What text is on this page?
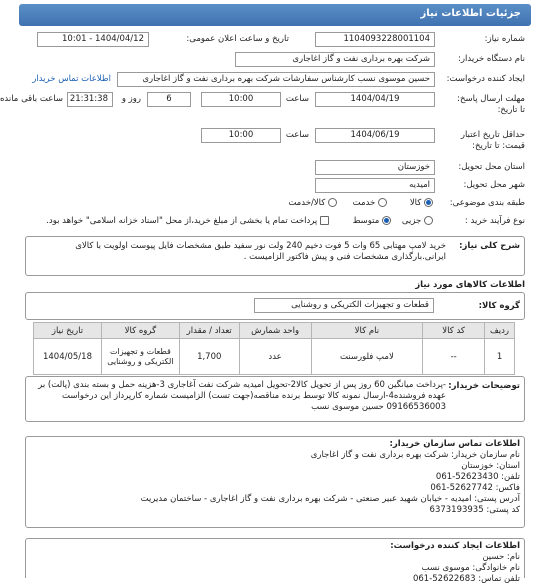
جزئیات اطلاعات نیاز
شماره نیاز:
1104093228001104
تاریخ و ساعت اعلان عمومی:
1404/04/12 - 10:01
نام دستگاه خریدار:
شرکت بهره برداری نفت و گاز اغاجاری
ایجاد کننده درخواست:
حسین موسوی نسب کارشناس سفارشات شرکت بهره برداری نفت و گاز اغاجاری
اطلاعات تماس خریدار
مهلت ارسال پاسخ:
تا تاریخ:
1404/04/19
ساعت
10:00
6
روز و
21:31:38
ساعت باقی مانده
حداقل تاریخ اعتبار
قیمت: تا تاریخ:
1404/06/19
ساعت
10:00
استان محل تحویل:
خوزستان
شهر محل تحویل:
امیدیه
طبقه بندی موضوعی:
کالا
خدمت
کالا/خدمت
نوع فرآیند خرید :
جزیی
متوسط
پرداخت تمام یا بخشی از مبلغ خرید،از محل "اسناد خزانه اسلامی" خواهد بود.
شرح کلی نیاز:
خرید لامپ مهتابی 65 وات 5 فوت دخیم 240 ولت نور سفید طبق مشخصات فایل پیوست اولویت با کالای ایرانی.بارگذاری مشخصات فنی و پیش فاکتور الزامیست .
اطلاعات کالاهای مورد نیاز
گروه کالا:
قطعات و تجهیزات الکتریکی و روشنایی
ردیف	کد کالا	نام کالا	واحد شمارش	تعداد / مقدار	گروه کالا	تاریخ نیاز
1	--	لامپ فلورسنت	عدد	1,700	قطعات و تجهیزات الکتریکی و روشنایی	1404/05/18
توضیحات خریدار:
-پرداخت میانگین 60 روز پس از تحویل کالا2-تحویل امیدیه شرکت نفت آغاجاری 3-هزینه حمل و بسته بندی (پالت) بر عهده فروشنده4-ارسال نمونه کالا توسط برنده مناقصه(جهت تست) الزامیست شماره کارپرداز این درخواست 09166536003 حسین موسوی نسب
اطلاعات تماس سازمان خریدار:
نام سازمان خریدار: شرکت بهره برداری نفت و گاز اغاجاری
استان: خوزستان
تلفن: 52623430-061
فاکس: 52627742-061
آدرس پستی: امیدیه - خیابان شهید عبیر صنعتی - شرکت بهره برداری نفت و گاز اغاجاری - ساختمان مدیریت
کد پستی: 6373193935
اطلاعات ایجاد کننده درخواست:
نام: حسین
نام خانوادگی: موسوی نسب
تلفن تماس: 52622683-061
